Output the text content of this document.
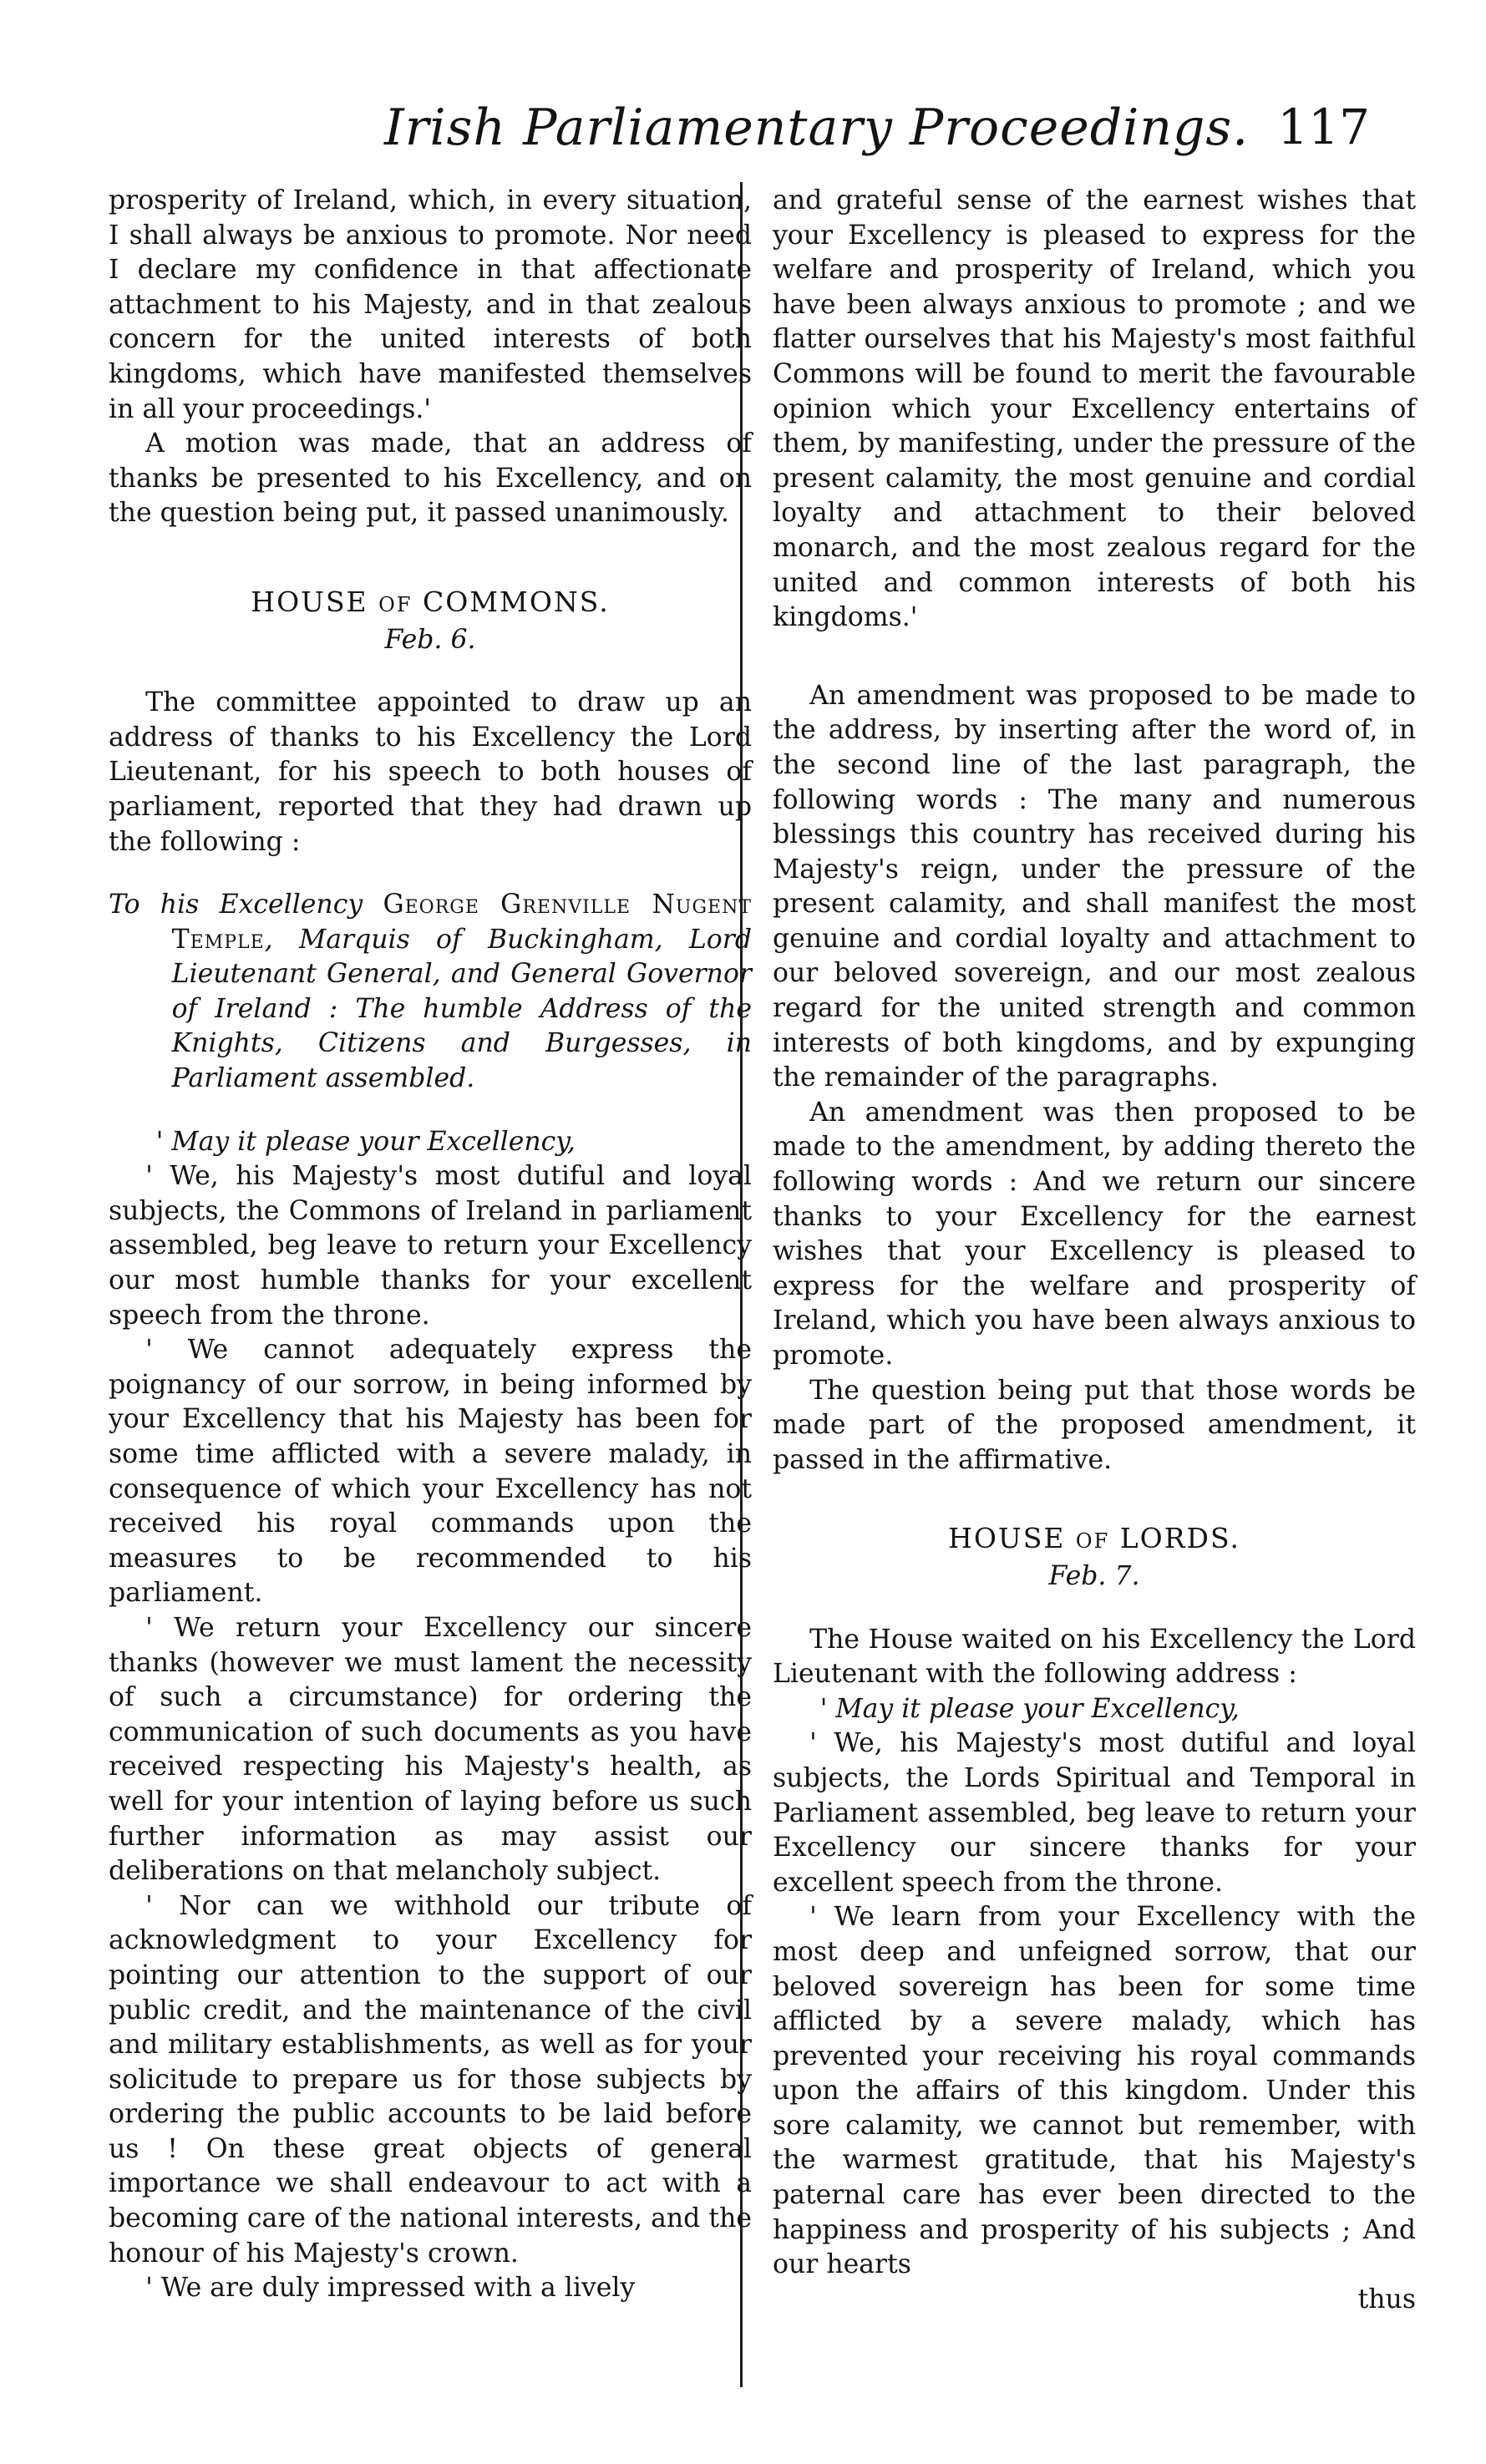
Irish Parliamentary Proceedings. 117

prosperity of Ireland, which, in every situation, I shall always be anxious to promote. Nor need I declare my confidence in that affectionate attachment to his Majesty, and in that zealous concern for the united interests of both kingdoms, which have manifested themselves in all your proceedings.'

A motion was made, that an address of thanks be presented to his Excellency, and on the question being put, it passed unanimously.

HOUSE OF COMMONS.

Feb. 6.

The committee appointed to draw up an address of thanks to his Excellency the Lord Lieutenant, for his speech to both houses of parliament, reported that they had drawn up the following :

To his Excellency George Grenville Nugent Temple, Marquis of Buckingham, Lord Lieutenant General, and General Governor of Ireland : The humble Address of the Knights, Citizens and Burgesses, in Parliament assembled.

' May it please your Excellency,

' We, his Majesty's most dutiful and loyal subjects, the Commons of Ireland in parliament assembled, beg leave to return your Excellency our most humble thanks for your excellent speech from the throne.

' We cannot adequately express the poignancy of our sorrow, in being informed by your Excellency that his Majesty has been for some time afflicted with a severe malady, in consequence of which your Excellency has not received his royal commands upon the measures to be recommended to his parliament.

' We return your Excellency our sincere thanks (however we must lament the necessity of such a circumstance) for ordering the communication of such documents as you have received respecting his Majesty's health, as well for your intention of laying before us such further information as may assist our deliberations on that melancholy subject.

' Nor can we withhold our tribute of acknowledgment to your Excellency for pointing our attention to the support of our public credit, and the maintenance of the civil and military establishments, as well as for your solicitude to prepare us for those subjects by ordering the public accounts to be laid before us ! On these great objects of general importance we shall endeavour to act with a becoming care of the national interests, and the honour of his Majesty's crown.

' We are duly impressed with a lively

and grateful sense of the earnest wishes that your Excellency is pleased to express for the welfare and prosperity of Ireland, which you have been always anxious to promote ; and we flatter ourselves that his Majesty's most faithful Commons will be found to merit the favourable opinion which your Excellency entertains of them, by manifesting, under the pressure of the present calamity, the most genuine and cordial loyalty and attachment to their beloved monarch, and the most zealous regard for the united and common interests of both his kingdoms.'

An amendment was proposed to be made to the address, by inserting after the word of, in the second line of the last paragraph, the following words : The many and numerous blessings this country has received during his Majesty's reign, under the pressure of the present calamity, and shall manifest the most genuine and cordial loyalty and attachment to our beloved sovereign, and our most zealous regard for the united strength and common interests of both kingdoms, and by expunging the remainder of the paragraphs.

An amendment was then proposed to be made to the amendment, by adding thereto the following words : And we return our sincere thanks to your Excellency for the earnest wishes that your Excellency is pleased to express for the welfare and prosperity of Ireland, which you have been always anxious to promote.

The question being put that those words be made part of the proposed amendment, it passed in the affirmative.

HOUSE OF LORDS.

Feb. 7.

The House waited on his Excellency the Lord Lieutenant with the following address :

' May it please your Excellency,

' We, his Majesty's most dutiful and loyal subjects, the Lords Spiritual and Temporal in Parliament assembled, beg leave to return your Excellency our sincere thanks for your excellent speech from the throne.

' We learn from your Excellency with the most deep and unfeigned sorrow, that our beloved sovereign has been for some time afflicted by a severe malady, which has prevented your receiving his royal commands upon the affairs of this kingdom. Under this sore calamity, we cannot but remember, with the warmest gratitude, that his Majesty's paternal care has ever been directed to the happiness and prosperity of his subjects ; And our hearts

thus
